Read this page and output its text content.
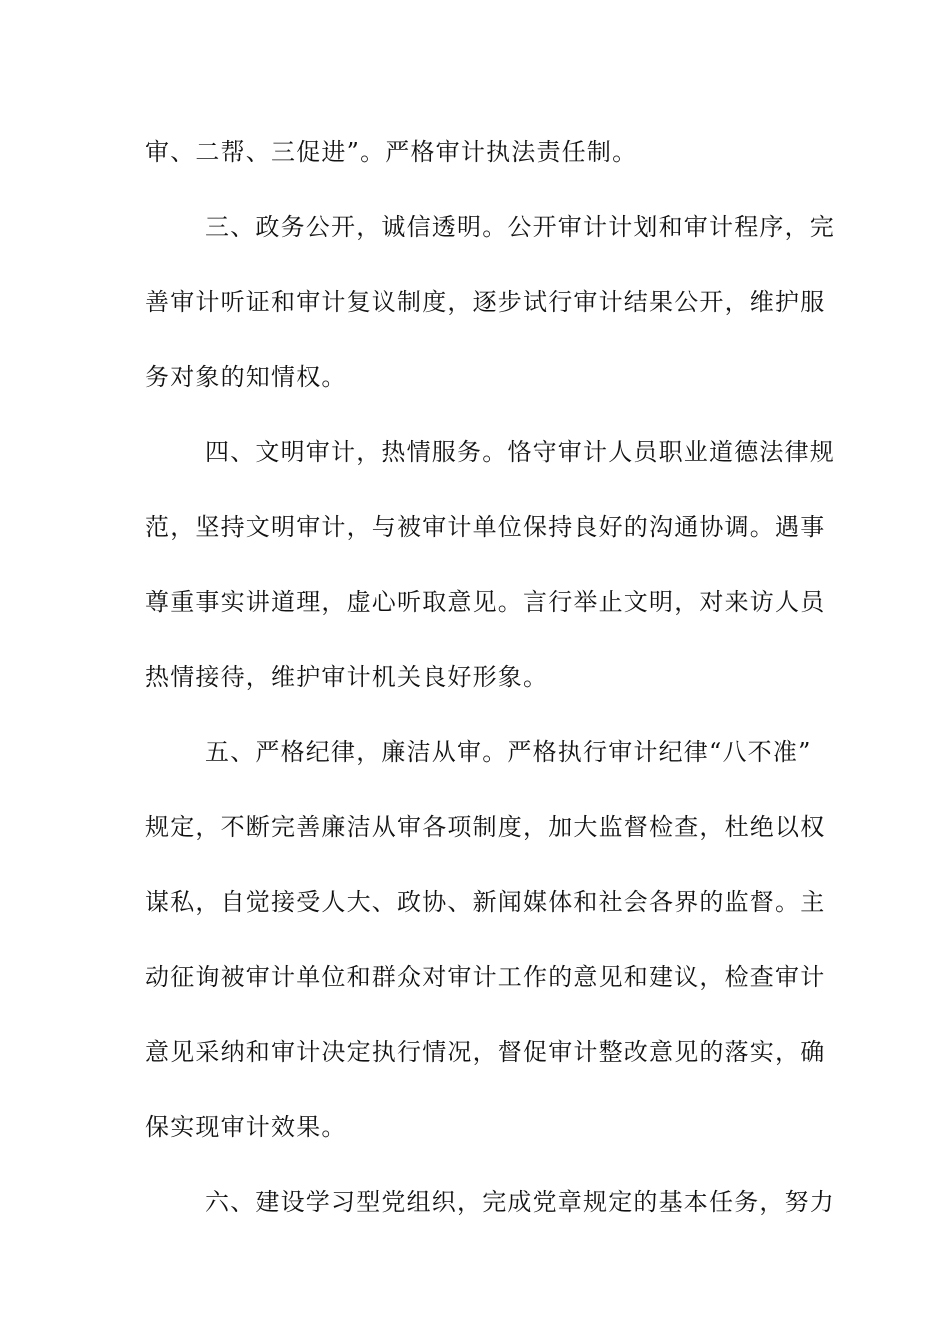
审、二帮、三促进”。严格审计执法责任制。
三、政务公开，诚信透明。公开审计计划和审计程序，完
善审计听证和审计复议制度，逐步试行审计结果公开，维护服
务对象的知情权。
四、文明审计，热情服务。恪守审计人员职业道德法律规
范，坚持文明审计，与被审计单位保持良好的沟通协调。遇事
尊重事实讲道理，虚心听取意见。言行举止文明，对来访人员
热情接待，维护审计机关良好形象。
五、严格纪律，廉洁从审。严格执行审计纪律“八不准”
规定，不断完善廉洁从审各项制度，加大监督检查，杜绝以权
谋私，自觉接受人大、政协、新闻媒体和社会各界的监督。主
动征询被审计单位和群众对审计工作的意见和建议，检查审计
意见采纳和审计决定执行情况，督促审计整改意见的落实，确
保实现审计效果。
六、建设学习型党组织，完成党章规定的基本任务，努力
